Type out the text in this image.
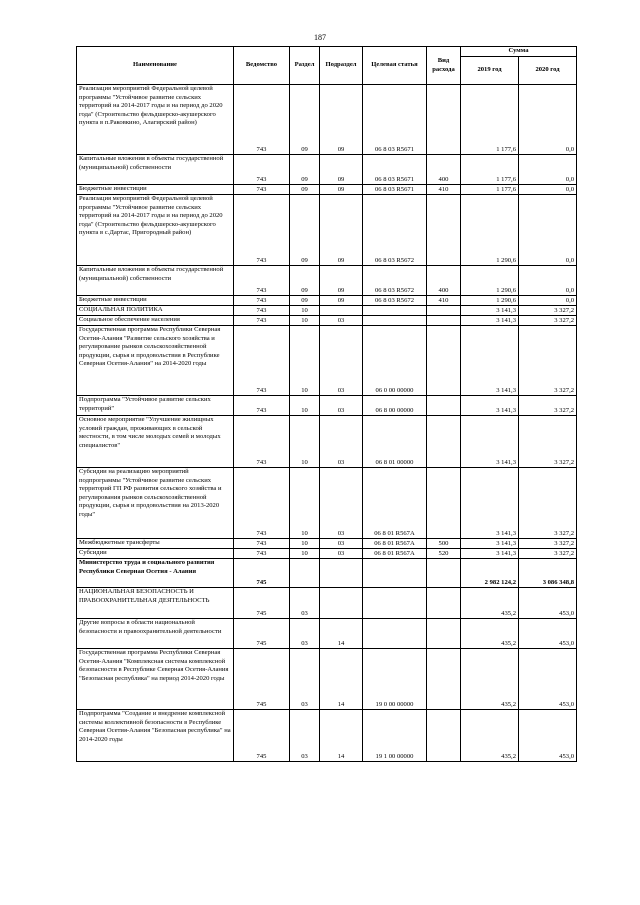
187
Наименование	Ведомство	Раздел	Подраздел	Целевая статья	Вид расхода	Сумма	
						2019 год	2020 год
Реализация мероприятий Федеральной целевой программы "Устойчивое развитие сельских территорий на 2014-2017 годы и на период до 2020 года" (Строительство фельдшерско-акушерского пункта в п.Раковкино, Алагирский район)	743	09	09	06 8 03 R5671		1 177,6	0,0
Капитальные вложения в объекты государственной (муниципальной) собственности	743	09	09	06 8 03 R5671	400	1 177,6	0,0
Бюджетные инвестиции	743	09	09	06 8 03 R5671	410	1 177,6	0,0
Реализация мероприятий Федеральной целевой программы "Устойчивое развитие сельских территорий на 2014-2017 годы и на период до 2020 года" (Строительство фельдшерско-акушерского пункта в с.Дартас, Пригородный район)	743	09	09	06 8 03 R5672		1 290,6	0,0
Капитальные вложения в объекты государственной (муниципальной) собственности	743	09	09	06 8 03 R5672	400	1 290,6	0,0
Бюджетные инвестиции	743	09	09	06 8 03 R5672	410	1 290,6	0,0
СОЦИАЛЬНАЯ ПОЛИТИКА	743	10				3 141,3	3 327,2
Социальное обеспечение населения	743	10	03			3 141,3	3 327,2
Государственная программа Республики Северная Осетия-Алания "Развитие сельского хозяйства и регулирование рынков сельскохозяйственной продукции, сырья и продовольствия в Республике Северная Осетия-Алания" на 2014-2020 годы	743	10	03	06 0 00 00000		3 141,3	3 327,2
Подпрограмма "Устойчивое развитие сельских территорий"	743	10	03	06 8 00 00000		3 141,3	3 327,2
Основное мероприятие "Улучшение жилищных условий граждан, проживающих в сельской местности, в том числе молодых семей и молодых специалистов"	743	10	03	06 8 01 00000		3 141,3	3 327,2
Субсидии на реализацию мероприятий подпрограммы "Устойчивое развитие сельских территорий ГП РФ развития сельского хозяйства и регулирования рынков сельскохозяйственной продукции, сырья и продовольствия на 2013-2020 годы"	743	10	03	06 8 01 R567A		3 141,3	3 327,2
Межбюджетные трансферты	743	10	03	06 8 01 R567A	500	3 141,3	3 327,2
Субсидии	743	10	03	06 8 01 R567A	520	3 141,3	3 327,2
Министерство труда и социального развития Республики Северная Осетия - Алания	745					2 982 124,2	3 086 348,8
НАЦИОНАЛЬНАЯ БЕЗОПАСНОСТЬ И ПРАВООХРАНИТЕЛЬНАЯ ДЕЯТЕЛЬНОСТЬ	745	03				435,2	453,0
Другие вопросы в области национальной безопасности и правоохранительной деятельности	745	03	14			435,2	453,0
Государственная программа Республики Северная Осетия-Алания "Комплексная система комплексной безопасности в Республике Северная Осетия-Алания "Безопасная республика" на период 2014-2020 годы	745	03	14	19 0 00 00000		435,2	453,0
Подпрограмма "Создание и внедрение комплексной системы коллективной безопасности в Республике Северная Осетия-Алания "Безопасная республика" на 2014-2020 годы	745	03	14	19 1 00 00000		435,2	453,0
